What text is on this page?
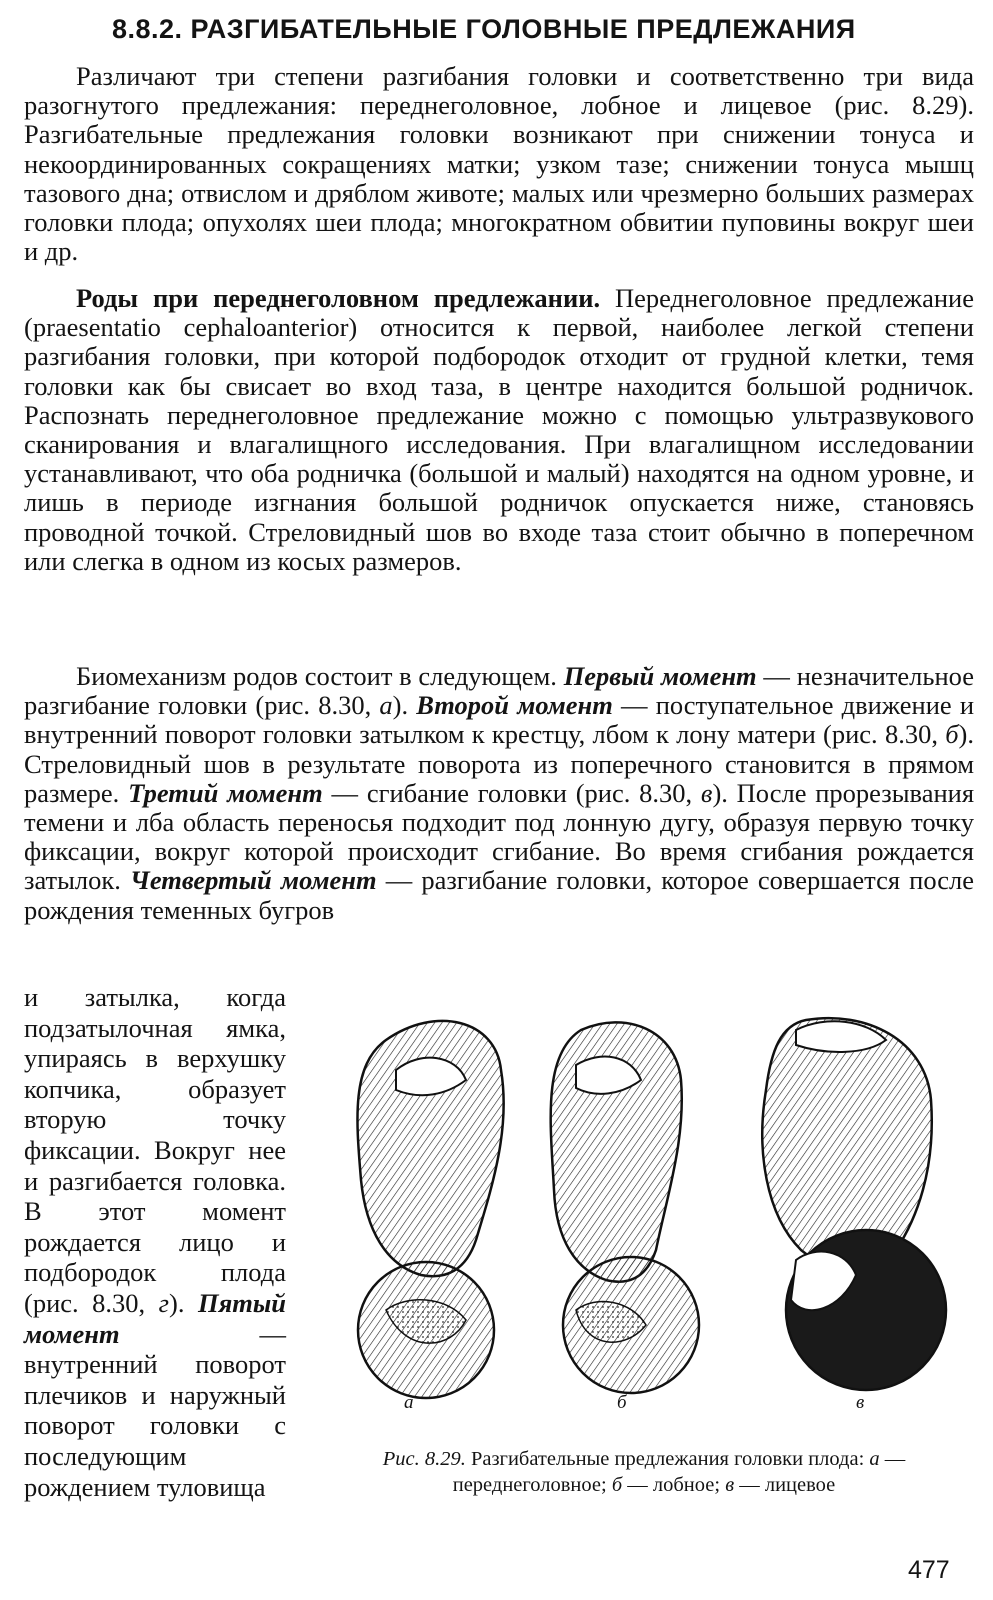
8.8.2. РАЗГИБАТЕЛЬНЫЕ ГОЛОВНЫЕ ПРЕДЛЕЖАНИЯ

Различают три степени разгибания головки и соответственно три вида разогнутого предлежания: переднеголовное, лобное и лицевое (рис. 8.29). Разгибательные предлежания головки возникают при снижении тонуса и некоординированных сокращениях матки; узком тазе; снижении тонуса мышц тазового дна; отвислом и дряблом животе; малых или чрезмерно больших размерах головки плода; опухолях шеи плода; многократном обвитии пуповины вокруг шеи и др.

Роды при переднеголовном предлежании. Переднеголовное предлежание (praesentatio cephaloanterior) относится к первой, наиболее легкой степени разгибания головки, при которой подбородок отходит от грудной клетки, темя головки как бы свисает во вход таза, в центре находится большой родничок. Распознать переднеголовное предлежание можно с помощью ультразвукового сканирования и влагалищного исследования. При влагалищном исследовании устанавливают, что оба родничка (большой и малый) находятся на одном уровне, и лишь в периоде изгнания большой родничок опускается ниже, становясь проводной точкой. Стреловидный шов во входе таза стоит обычно в поперечном или слегка в одном из косых размеров.

Биомеханизм родов состоит в следующем. Первый момент — незначительное разгибание головки (рис. 8.30, а). Второй момент — поступательное движение и внутренний поворот головки затылком к крестцу, лбом к лону матери (рис. 8.30, б). Стреловидный шов в результате поворота из поперечного становится в прямом размере. Третий момент — сгибание головки (рис. 8.30, в). После прорезывания темени и лба область переносья подходит под лонную дугу, образуя первую точку фиксации, вокруг которой происходит сгибание. Во время сгибания рождается затылок. Четвертый момент — разгибание головки, которое совершается после рождения теменных бугров

и затылка, когда подзатылочная ямка, упираясь в верхушку копчика, образует вторую точку фиксации. Вокруг нее и разгибается головка. В этот момент рождается лицо и подбородок плода (рис. 8.30, г). Пятый момент — внутренний поворот плечиков и наружный поворот головки с последующим рождением туловища

а	б	в

Рис. 8.29. Разгибательные предлежания головки плода: а — переднеголовное; б — лобное; в — лицевое

477
